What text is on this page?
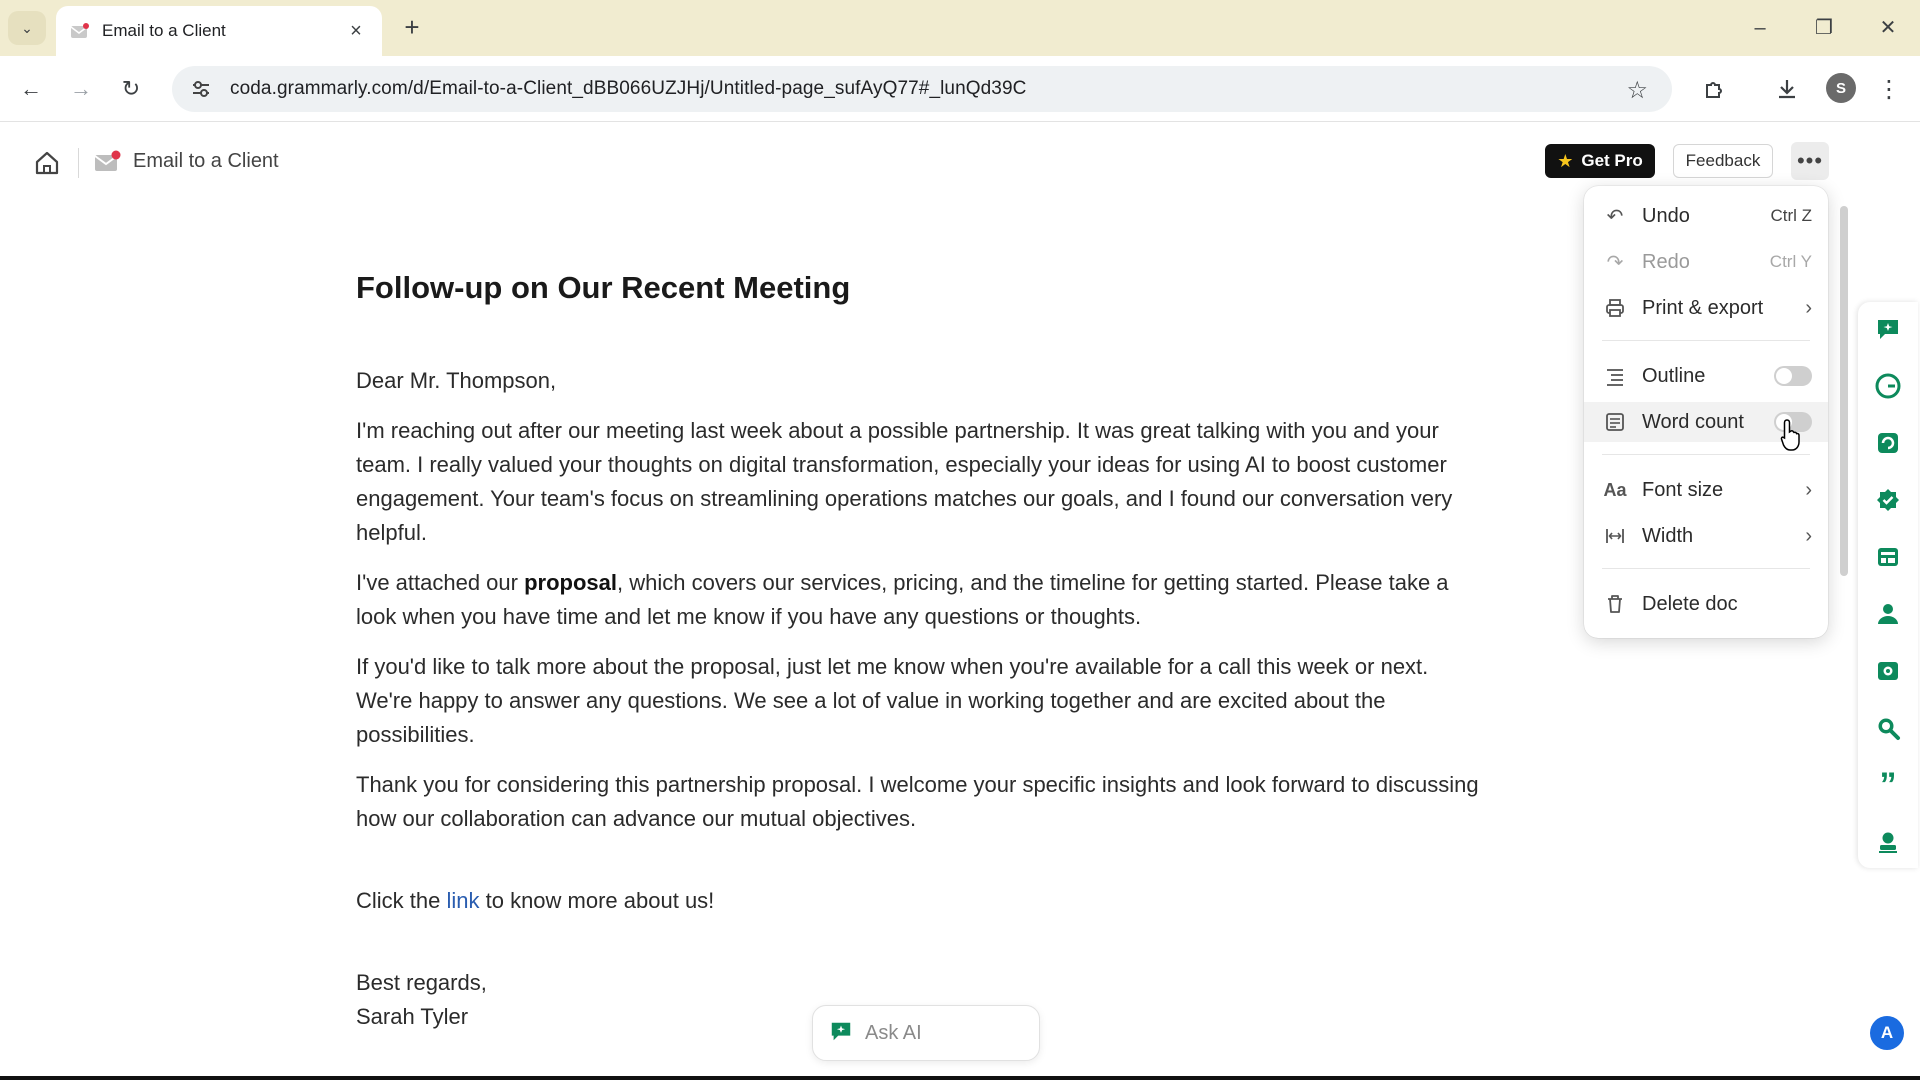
⌄	Email to a Client	×	+	–	❐	✕
← →	↻	coda.grammarly.com/d/Email-to-a-Client_dBB066UZJHj/Untitled-page_sufAyQ77#_lunQd39C	☆	⋮
S
Email to a Client	★ Get Pro	Feedback	•••
Follow-up on Our Recent Meeting

Dear Mr. Thompson,

I'm reaching out after our meeting last week about a possible partnership. It was great talking with you and your team. I really valued your thoughts on digital transformation, especially your ideas for using AI to boost customer engagement. Your team's focus on streamlining operations matches our goals, and I found our conversation very helpful.

I've attached our proposal, which covers our services, pricing, and the timeline for getting started. Please take a look when you have time and let me know if you have any questions or thoughts.

If you'd like to talk more about the proposal, just let me know when you're available for a call this week or next. We're happy to answer any questions. We see a lot of value in working together and are excited about the possibilities.

Thank you for considering this partnership proposal. I welcome your specific insights and look forward to discussing how our collaboration can advance our mutual objectives.

Click the link to know more about us!

Best regards,

Sarah Tyler

↶ Undo	Ctrl Z
↷ Redo	Ctrl Y
Print & export ›
Outline
Word count
Aa Font size	›
Width	›
Delete doc
”
A
Ask AI
